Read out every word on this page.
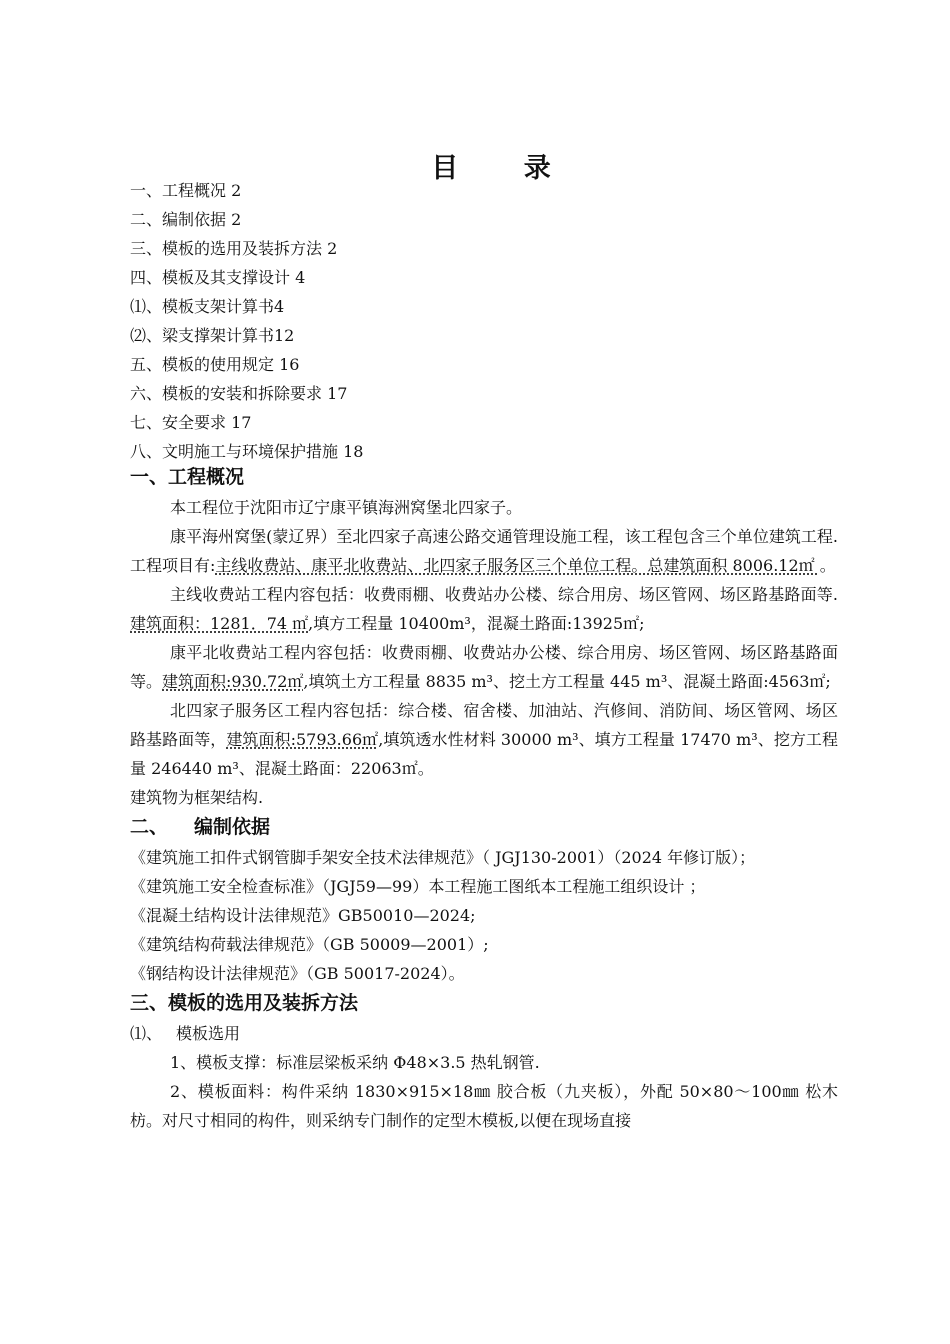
目 录
一、工程概况 2
二、编制依据 2
三、模板的选用及装拆方法 2
四、模板及其支撑设计 4
⑴、模板支架计算书4
⑵、梁支撑架计算书12
五、模板的使用规定 16
六、模板的安装和拆除要求 17
七、安全要求 17
八、文明施工与环境保护措施 18
一、工程概况
本工程位于沈阳市辽宁康平镇海洲窝堡北四家子。
康平海州窝堡(蒙辽界）至北四家子高速公路交通管理设施工程，该工程包含三个单位建筑工程.工程项目有:主线收费站、康平北收费站、北四家子服务区三个单位工程。总建筑面积 8006.12㎡ 。
主线收费站工程内容包括：收费雨棚、收费站办公楼、综合用房、场区管网、场区路基路面等.建筑面积：1281．74 ㎡,填方工程量 10400m³，混凝土路面:13925㎡;
康平北收费站工程内容包括：收费雨棚、收费站办公楼、综合用房、场区管网、场区路基路面等。建筑面积:930.72㎡,填筑土方工程量 8835 m³、挖土方工程量 445 m³、混凝土路面:4563㎡;
北四家子服务区工程内容包括：综合楼、宿舍楼、加油站、汽修间、消防间、场区管网、场区路基路面等，建筑面积:5793.66㎡,填筑透水性材料 30000 m³、填方工程量 17470 m³、挖方工程量 246440 m³、混凝土路面：22063㎡。
建筑物为框架结构.
二、 编制依据
《建筑施工扣件式钢管脚手架安全技术法律规范》（ JGJ130-2001）（2024 年修订版）；
《建筑施工安全检查标准》（JGJ59—99）本工程施工图纸本工程施工组织设计 ；
《混凝土结构设计法律规范》GB50010—2024;
《建筑结构荷载法律规范》（GB 50009—2001）;
《钢结构设计法律规范》（GB 50017-2024）。
三、模板的选用及装拆方法
⑴、 模板选用
1、模板支撑：标准层梁板采纳 Φ48×3.5 热轧钢管.
2、模板面料：构件采纳 1830×915×18㎜ 胶合板（九夹板），外配 50×80～100㎜ 松木枋。对尺寸相同的构件，则采纳专门制作的定型木模板,以便在现场直接
